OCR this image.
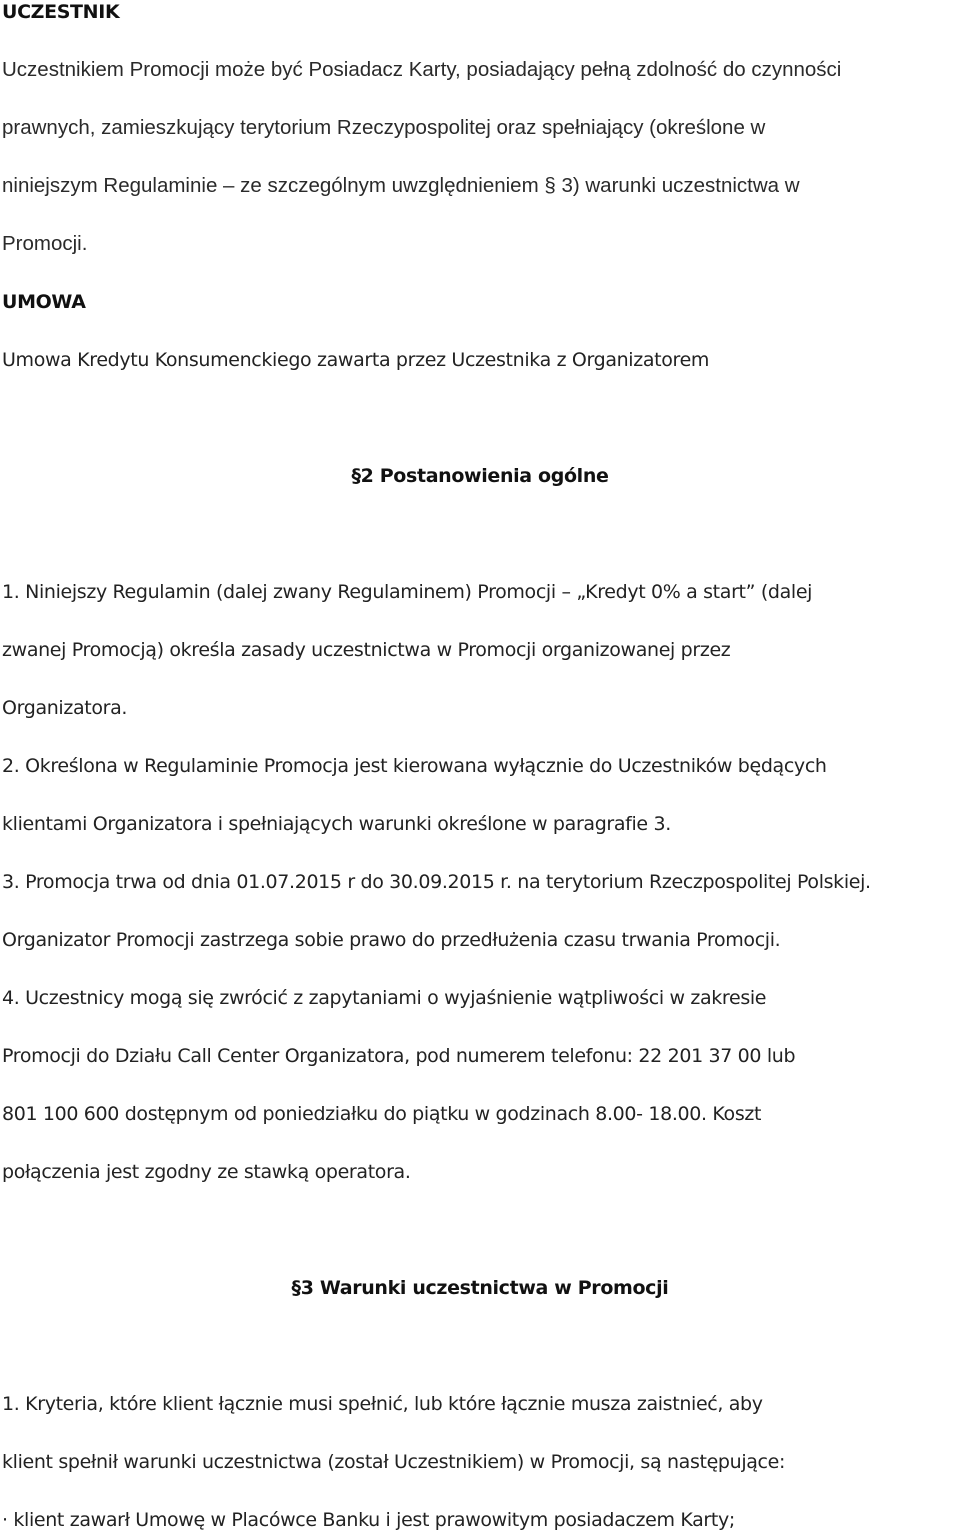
UCZESTNIK
Uczestnikiem Promocji może być Posiadacz Karty, posiadający pełną zdolność do czynności
prawnych, zamieszkujący terytorium Rzeczypospolitej oraz spełniający (określone w
niniejszym Regulaminie – ze szczególnym uwzględnieniem § 3) warunki uczestnictwa w
Promocji.
UMOWA
Umowa Kredytu Konsumenckiego zawarta przez Uczestnika z Organizatorem
§2 Postanowienia ogólne
1. Niniejszy Regulamin (dalej zwany Regulaminem) Promocji – „Kredyt 0% a start” (dalej
zwanej Promocją) określa zasady uczestnictwa w Promocji organizowanej przez
Organizatora.
2. Określona w Regulaminie Promocja jest kierowana wyłącznie do Uczestników będących
klientami Organizatora i spełniających warunki określone w paragrafie 3.
3. Promocja trwa od dnia 01.07.2015 r do 30.09.2015 r. na terytorium Rzeczpospolitej Polskiej.
Organizator Promocji zastrzega sobie prawo do przedłużenia czasu trwania Promocji.
4. Uczestnicy mogą się zwrócić z zapytaniami o wyjaśnienie wątpliwości w zakresie
Promocji do Działu Call Center Organizatora, pod numerem telefonu: 22 201 37 00 lub
801 100 600 dostępnym od poniedziałku do piątku w godzinach 8.00- 18.00. Koszt
połączenia jest zgodny ze stawką operatora.
§3 Warunki uczestnictwa w Promocji
1. Kryteria, które klient łącznie musi spełnić, lub które łącznie musza zaistnieć, aby
klient spełnił warunki uczestnictwa (został Uczestnikiem) w Promocji, są następujące:
· klient zawarł Umowę w Placówce Banku i jest prawowitym posiadaczem Karty;
